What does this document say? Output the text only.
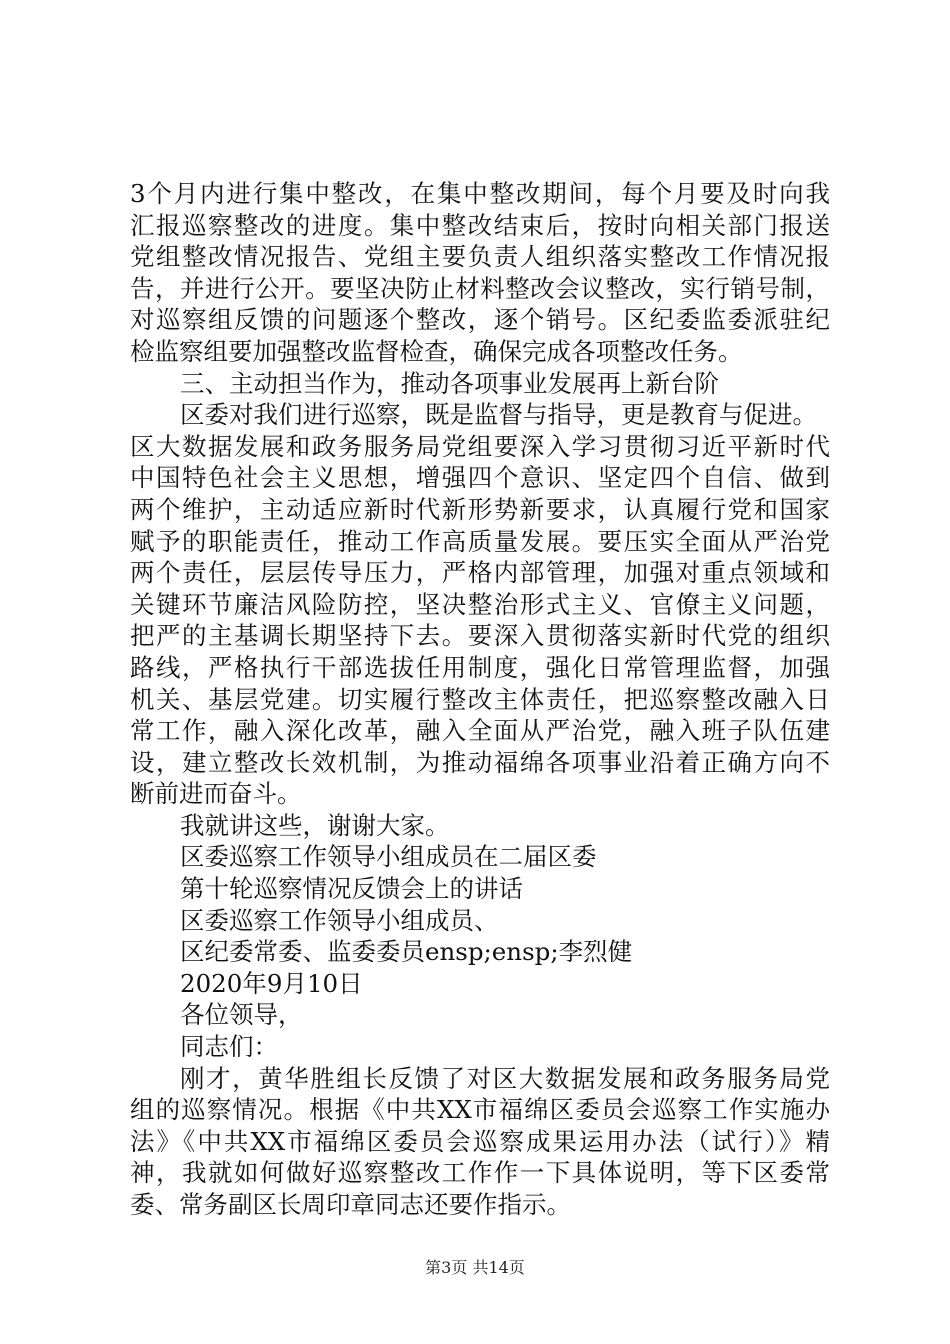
3个月内进行集中整改，在集中整改期间，每个月要及时向我
汇报巡察整改的进度。集中整改结束后，按时向相关部门报送
党组整改情况报告、党组主要负责人组织落实整改工作情况报
告，并进行公开。要坚决防止材料整改会议整改，实行销号制，
对巡察组反馈的问题逐个整改，逐个销号。区纪委监委派驻纪
检监察组要加强整改监督检查，确保完成各项整改任务。
三、主动担当作为，推动各项事业发展再上新台阶
区委对我们进行巡察，既是监督与指导，更是教育与促进。
区大数据发展和政务服务局党组要深入学习贯彻习近平新时代
中国特色社会主义思想，增强四个意识、坚定四个自信、做到
两个维护，主动适应新时代新形势新要求，认真履行党和国家
赋予的职能责任，推动工作高质量发展。要压实全面从严治党
两个责任，层层传导压力，严格内部管理，加强对重点领域和
关键环节廉洁风险防控，坚决整治形式主义、官僚主义问题，
把严的主基调长期坚持下去。要深入贯彻落实新时代党的组织
路线，严格执行干部选拔任用制度，强化日常管理监督，加强
机关、基层党建。切实履行整改主体责任，把巡察整改融入日
常工作，融入深化改革，融入全面从严治党，融入班子队伍建
设，建立整改长效机制，为推动福绵各项事业沿着正确方向不
断前进而奋斗。
我就讲这些，谢谢大家。
区委巡察工作领导小组成员在二届区委
第十轮巡察情况反馈会上的讲话
区委巡察工作领导小组成员、
区纪委常委、监委委员ensp;ensp;李烈健
2020年9月10日
各位领导，
同志们：
刚才，黄华胜组长反馈了对区大数据发展和政务服务局党
组的巡察情况。根据《中共XX市福绵区委员会巡察工作实施办
法》《中共XX市福绵区委员会巡察成果运用办法（试行）》精
神，我就如何做好巡察整改工作作一下具体说明，等下区委常
委、常务副区长周印章同志还要作指示。
第3页 共14页
